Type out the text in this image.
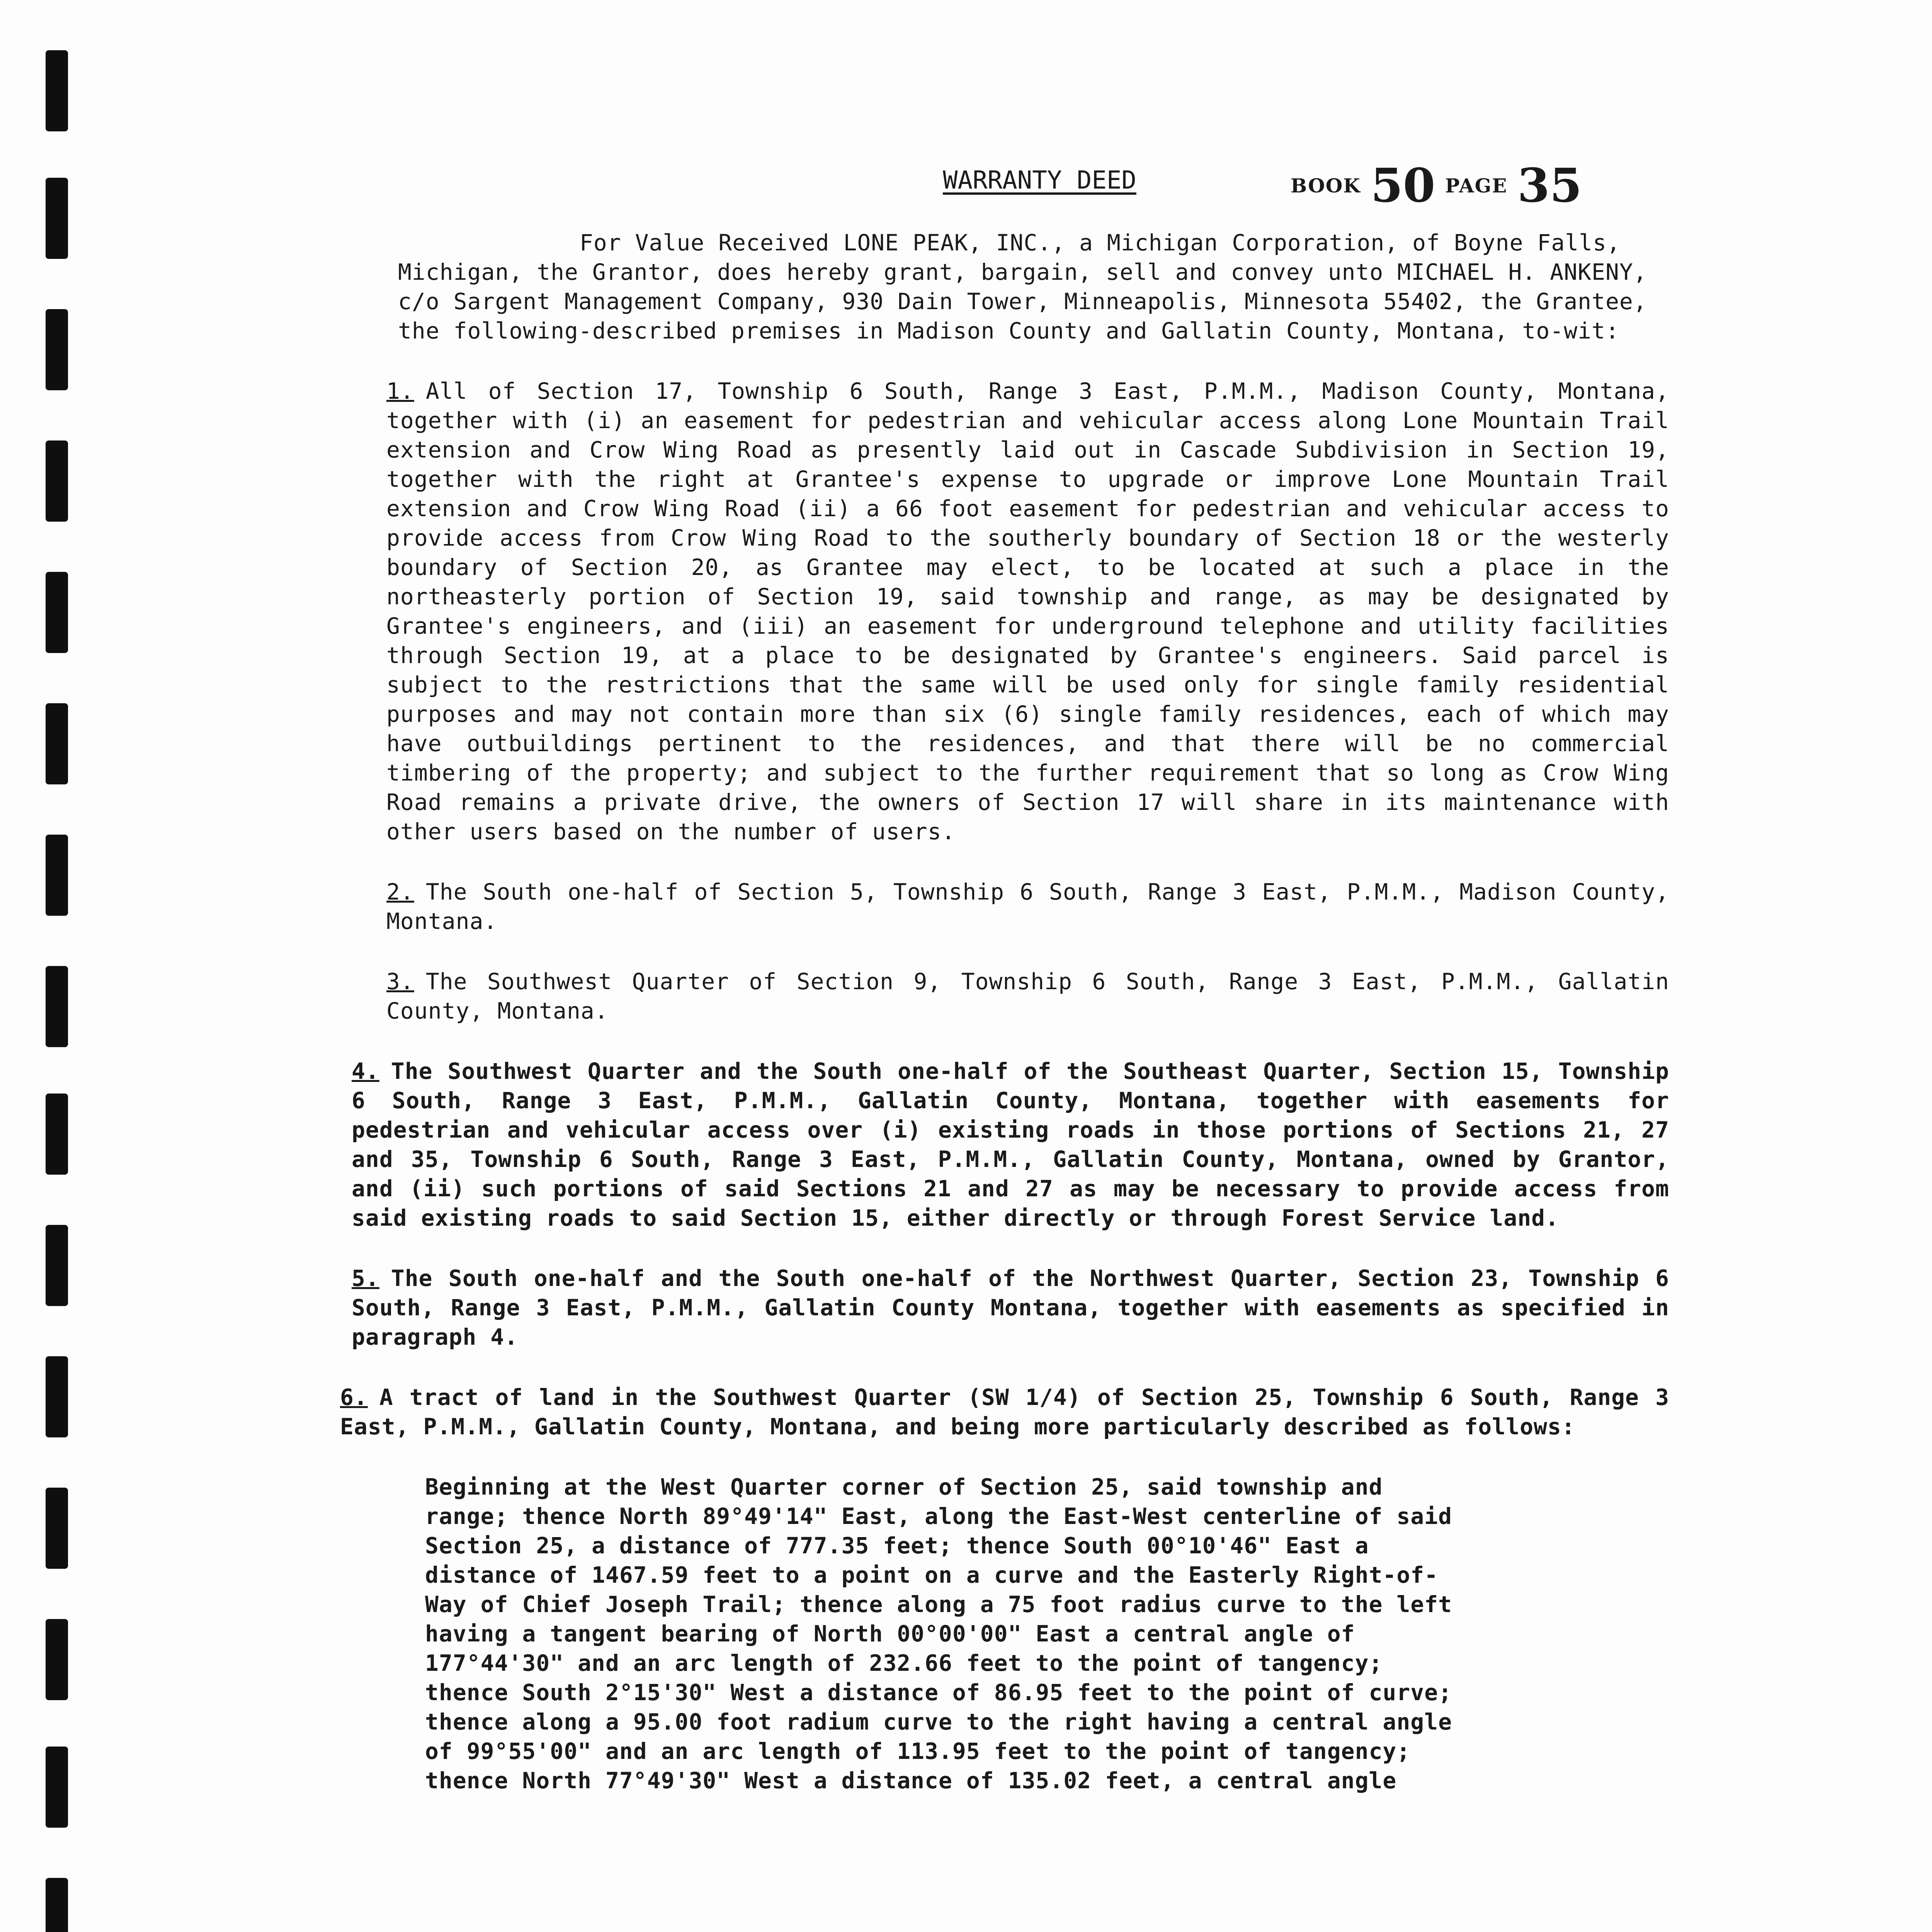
WARRANTY DEED	BOOK 50 PAGE 35

For Value Received LONE PEAK, INC., a Michigan Corporation, of Boyne Falls, Michigan, the Grantor, does hereby grant, bargain, sell and convey unto MICHAEL H. ANKENY, c/o Sargent Management Company, 930 Dain Tower, Minneapolis, Minnesota 55402, the Grantee, the following-described premises in Madison County and Gallatin County, Montana, to-wit:

1. All of Section 17, Township 6 South, Range 3 East, P.M.M., Madison County, Montana, together with (i) an easement for pedestrian and vehicular access along Lone Mountain Trail extension and Crow Wing Road as presently laid out in Cascade Subdivision in Section 19, together with the right at Grantee's expense to upgrade or improve Lone Mountain Trail extension and Crow Wing Road (ii) a 66 foot easement for pedestrian and vehicular access to provide access from Crow Wing Road to the southerly boundary of Section 18 or the westerly boundary of Section 20, as Grantee may elect, to be located at such a place in the northeasterly portion of Section 19, said township and range, as may be designated by Grantee's engineers, and (iii) an easement for underground telephone and utility facilities through Section 19, at a place to be designated by Grantee's engineers. Said parcel is subject to the restrictions that the same will be used only for single family residential purposes and may not contain more than six (6) single family residences, each of which may have outbuildings pertinent to the residences, and that there will be no commercial timbering of the property; and subject to the further requirement that so long as Crow Wing Road remains a private drive, the owners of Section 17 will share in its maintenance with other users based on the number of users.

2. The South one-half of Section 5, Township 6 South, Range 3 East, P.M.M., Madison County, Montana.

3. The Southwest Quarter of Section 9, Township 6 South, Range 3 East, P.M.M., Gallatin County, Montana.

4. The Southwest Quarter and the South one-half of the Southeast Quarter, Section 15, Township 6 South, Range 3 East, P.M.M., Gallatin County, Montana, together with easements for pedestrian and vehicular access over (i) existing roads in those portions of Sections 21, 27 and 35, Township 6 South, Range 3 East, P.M.M., Gallatin County, Montana, owned by Grantor, and (ii) such portions of said Sections 21 and 27 as may be necessary to provide access from said existing roads to said Section 15, either directly or through Forest Service land.

5. The South one-half and the South one-half of the Northwest Quarter, Section 23, Township 6 South, Range 3 East, P.M.M., Gallatin County Montana, together with easements as specified in paragraph 4.

6. A tract of land in the Southwest Quarter (SW 1/4) of Section 25, Township 6 South, Range 3 East, P.M.M., Gallatin County, Montana, and being more particularly described as follows:

Beginning at the West Quarter corner of Section 25, said township and range; thence North 89°49'14" East, along the East-West centerline of said Section 25, a distance of 777.35 feet; thence South 00°10'46" East a distance of 1467.59 feet to a point on a curve and the Easterly Right-of-Way of Chief Joseph Trail; thence along a 75 foot radius curve to the left having a tangent bearing of North 00°00'00" East a central angle of 177°44'30" and an arc length of 232.66 feet to the point of tangency; thence South 2°15'30" West a distance of 86.95 feet to the point of curve; thence along a 95.00 foot radium curve to the right having a central angle of 99°55'00" and an arc length of 113.95 feet to the point of tangency; thence North 77°49'30" West a distance of 135.02 feet, a central angle
